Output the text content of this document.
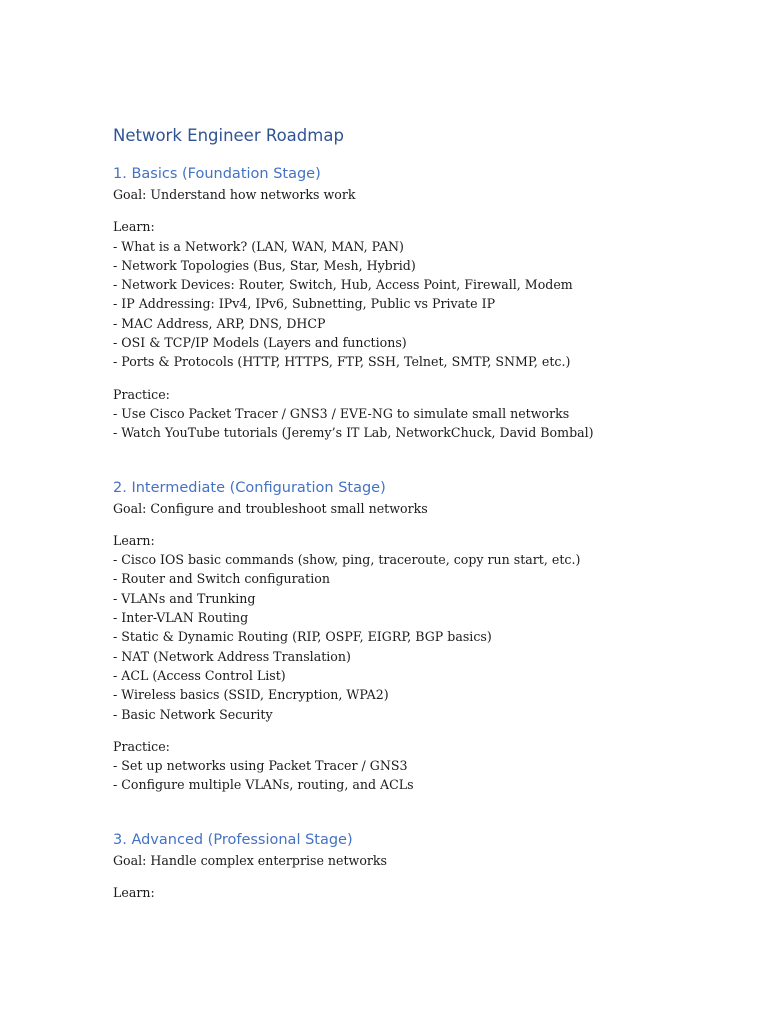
Network Engineer Roadmap
1. Basics (Foundation Stage)
Goal: Understand how networks work
Learn:
- What is a Network? (LAN, WAN, MAN, PAN)
- Network Topologies (Bus, Star, Mesh, Hybrid)
- Network Devices: Router, Switch, Hub, Access Point, Firewall, Modem
- IP Addressing: IPv4, IPv6, Subnetting, Public vs Private IP
- MAC Address, ARP, DNS, DHCP
- OSI & TCP/IP Models (Layers and functions)
- Ports & Protocols (HTTP, HTTPS, FTP, SSH, Telnet, SMTP, SNMP, etc.)
Practice:
- Use Cisco Packet Tracer / GNS3 / EVE-NG to simulate small networks
- Watch YouTube tutorials (Jeremy’s IT Lab, NetworkChuck, David Bombal)
2. Intermediate (Configuration Stage)
Goal: Configure and troubleshoot small networks
Learn:
- Cisco IOS basic commands (show, ping, traceroute, copy run start, etc.)
- Router and Switch configuration
- VLANs and Trunking
- Inter-VLAN Routing
- Static & Dynamic Routing (RIP, OSPF, EIGRP, BGP basics)
- NAT (Network Address Translation)
- ACL (Access Control List)
- Wireless basics (SSID, Encryption, WPA2)
- Basic Network Security
Practice:
- Set up networks using Packet Tracer / GNS3
- Configure multiple VLANs, routing, and ACLs
3. Advanced (Professional Stage)
Goal: Handle complex enterprise networks
Learn:
